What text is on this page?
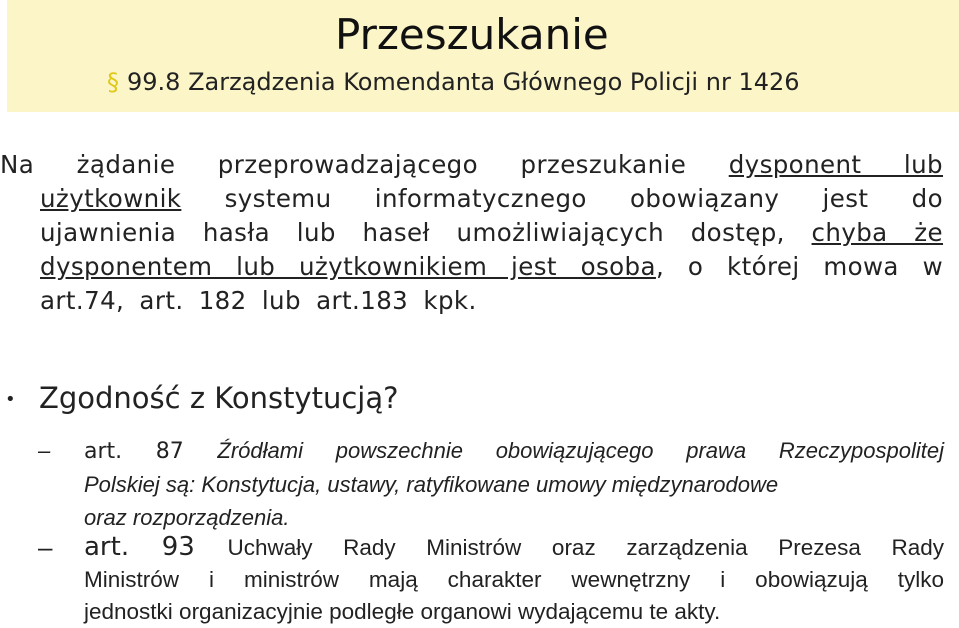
Przeszukanie
§ 99.8 Zarządzenia Komendanta Głównego Policji nr 1426
Na żądanie przeprowadzającego przeszukanie dysponent lub
użytkownik systemu informatycznego obowiązany jest do
ujawnienia hasła lub haseł umożliwiających dostęp, chyba że
dysponentem lub użytkownikiem jest osoba, o której mowa w
art.74, art. 182 lub art.183 kpk.
• Zgodność z Konstytucją?
– art. 87 Źródłami powszechnie obowiązującego prawa Rzeczypospolitej
Polskiej są: Konstytucja, ustawy, ratyfikowane umowy międzynarodowe
oraz rozporządzenia.
– art. 93 Uchwały Rady Ministrów oraz zarządzenia Prezesa Rady
Ministrów i ministrów mają charakter wewnętrzny i obowiązują tylko
jednostki organizacyjnie podległe organowi wydającemu te akty.
